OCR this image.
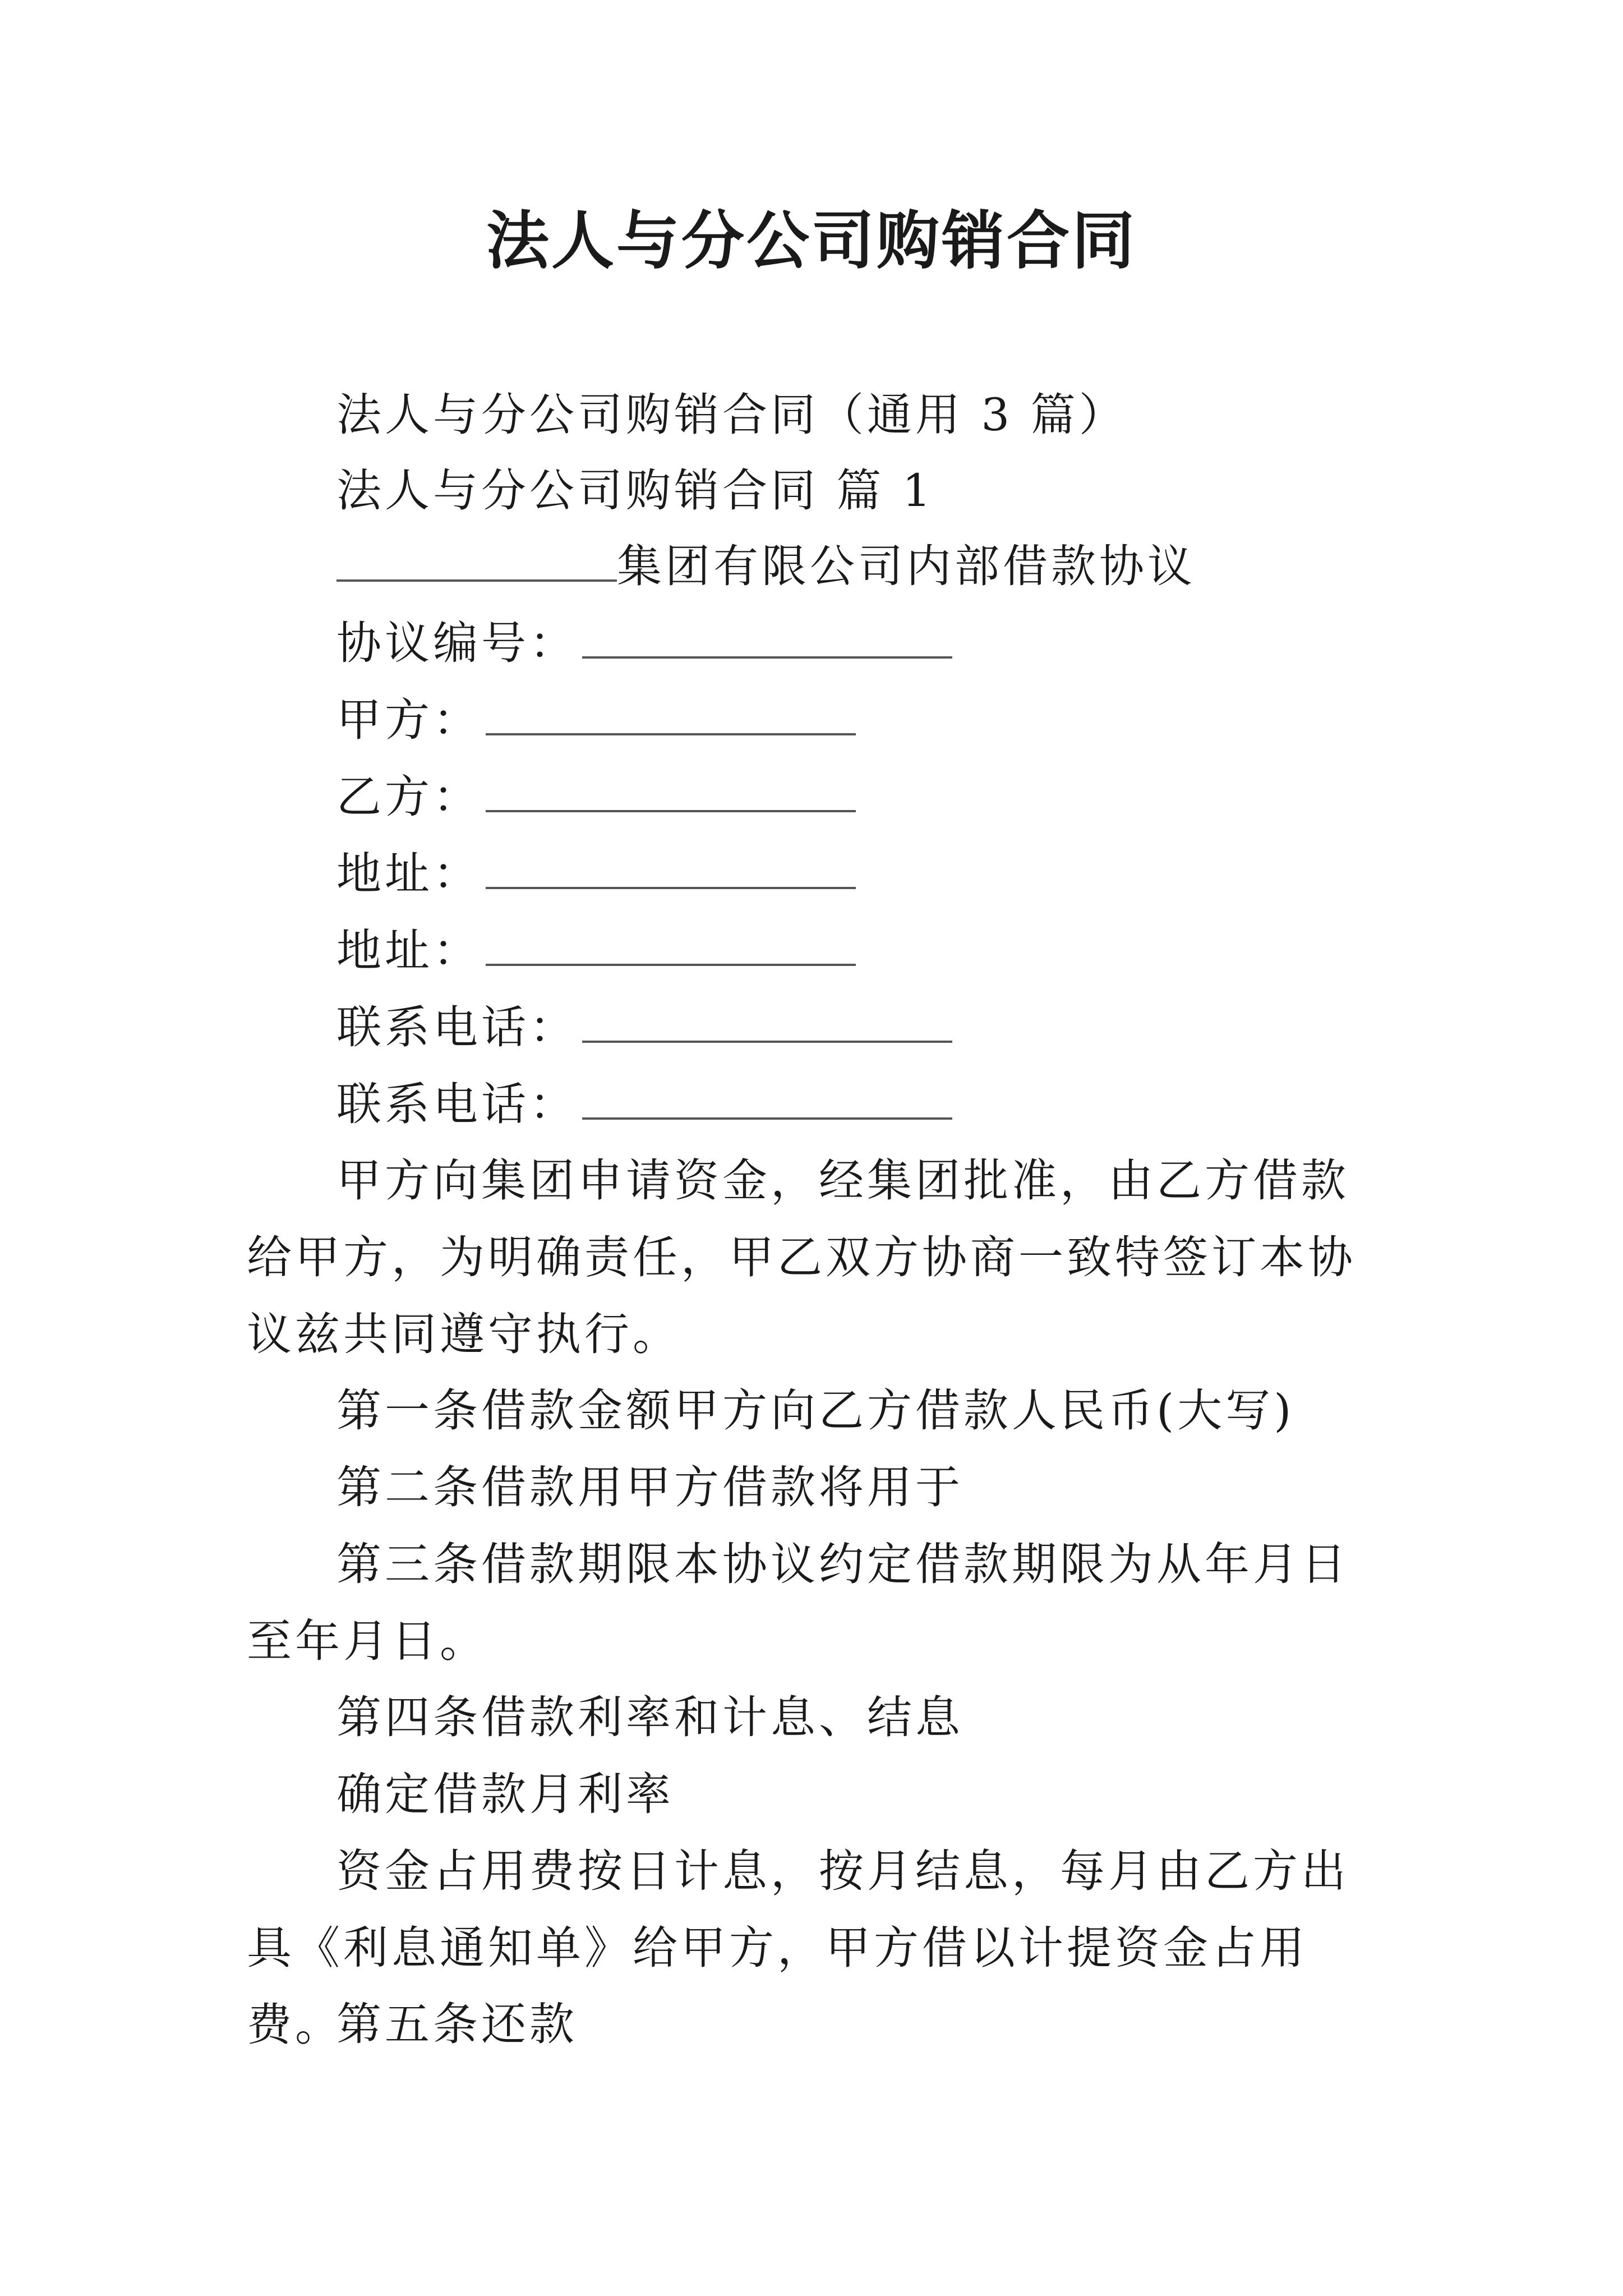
法人与分公司购销合同
法人与分公司购销合同（通用 3 篇）
法人与分公司购销合同 篇 1
集团有限公司内部借款协议
协议编号：
甲方：
乙方：
地址：
地址：
联系电话：
联系电话：
甲方向集团申请资金，经集团批准，由乙方借款给甲方，为明确责任，甲乙双方协商一致特签订本协议兹共同遵守执行。
第一条借款金额甲方向乙方借款人民币(大写)
第二条借款用甲方借款将用于
第三条借款期限本协议约定借款期限为从年月日至年月日。
第四条借款利率和计息、结息
确定借款月利率
资金占用费按日计息，按月结息，每月由乙方出具《利息通知单》给甲方，甲方借以计提资金占用费。
第五条还款
